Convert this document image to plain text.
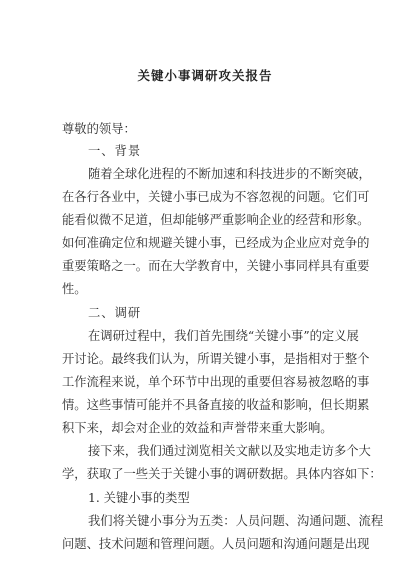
关键小事调研攻关报告
尊敬的领导：
一、背景
随着全球化进程的不断加速和科技进步的不断突破，
在各行各业中，关键小事已成为不容忽视的问题。它们可
能看似微不足道，但却能够严重影响企业的经营和形象。
如何准确定位和规避关键小事，已经成为企业应对竞争的
重要策略之一。而在大学教育中，关键小事同样具有重要
性。
二、调研
在调研过程中，我们首先围绕“关键小事”的定义展
开讨论。最终我们认为，所谓关键小事，是指相对于整个
工作流程来说，单个环节中出现的重要但容易被忽略的事
情。这些事情可能并不具备直接的收益和影响，但长期累
积下来，却会对企业的效益和声誉带来重大影响。
接下来，我们通过浏览相关文献以及实地走访多个大
学，获取了一些关于关键小事的调研数据。具体内容如下：
1. 关键小事的类型
我们将关键小事分为五类：人员问题、沟通问题、流程
问题、技术问题和管理问题。人员问题和沟通问题是出现
